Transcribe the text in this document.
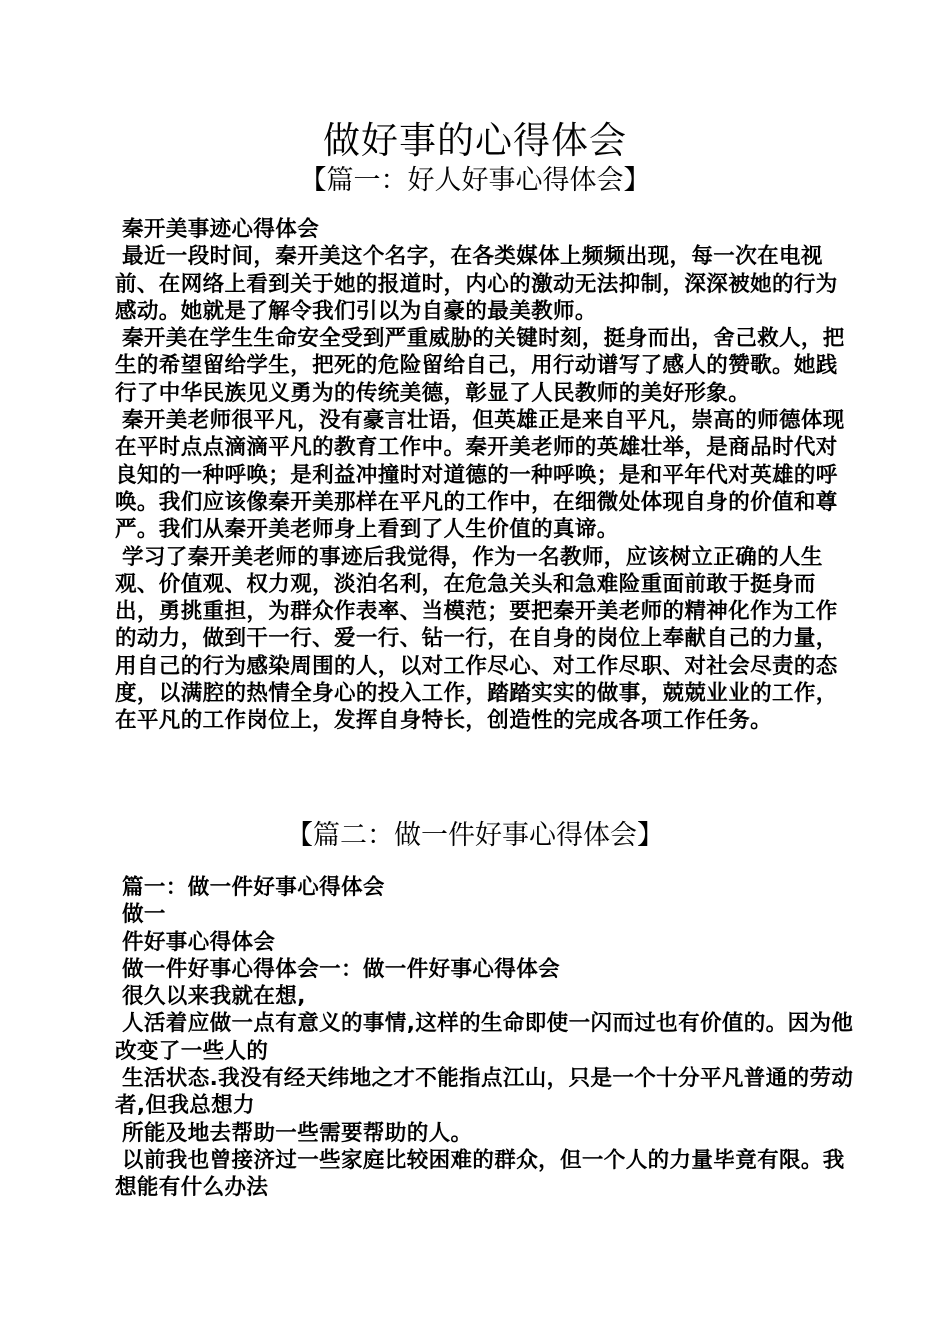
做好事的心得体会
【篇一：好人好事心得体会】

秦开美事迹心得体会

最近一段时间，秦开美这个名字，在各类媒体上频频出现，每一次在电视前、在网络上看到关于她的报道时，内心的激动无法抑制，深深被她的行为感动。她就是了解令我们引以为自豪的最美教师。

秦开美在学生生命安全受到严重威胁的关键时刻，挺身而出，舍己救人，把生的希望留给学生，把死的危险留给自己，用行动谱写了感人的赞歌。她践行了中华民族见义勇为的传统美德，彰显了人民教师的美好形象。

秦开美老师很平凡，没有豪言壮语，但英雄正是来自平凡，崇高的师德体现在平时点点滴滴平凡的教育工作中。秦开美老师的英雄壮举，是商品时代对良知的一种呼唤；是利益冲撞时对道德的一种呼唤；是和平年代对英雄的呼唤。我们应该像秦开美那样在平凡的工作中，在细微处体现自身的价值和尊严。我们从秦开美老师身上看到了人生价值的真谛。

学习了秦开美老师的事迹后我觉得，作为一名教师，应该树立正确的人生观、价值观、权力观，淡泊名利，在危急关头和急难险重面前敢于挺身而出，勇挑重担，为群众作表率、当模范；要把秦开美老师的精神化作为工作的动力，做到干一行、爱一行、钻一行，在自身的岗位上奉献自己的力量，用自己的行为感染周围的人，以对工作尽心、对工作尽职、对社会尽责的态度，以满腔的热情全身心的投入工作，踏踏实实的做事，兢兢业业的工作，在平凡的工作岗位上，发挥自身特长，创造性的完成各项工作任务。

【篇二：做一件好事心得体会】

篇一：做一件好事心得体会

做一

件好事心得体会

做一件好事心得体会一：做一件好事心得体会

很久以来我就在想,

人活着应做一点有意义的事情,这样的生命即使一闪而过也有价值的。因为他改变了一些人的

生活状态.我没有经天纬地之才不能指点江山，只是一个十分平凡普通的劳动者,但我总想力

所能及地去帮助一些需要帮助的人。

以前我也曾接济过一些家庭比较困难的群众，但一个人的力量毕竟有限。我想能有什么办法
